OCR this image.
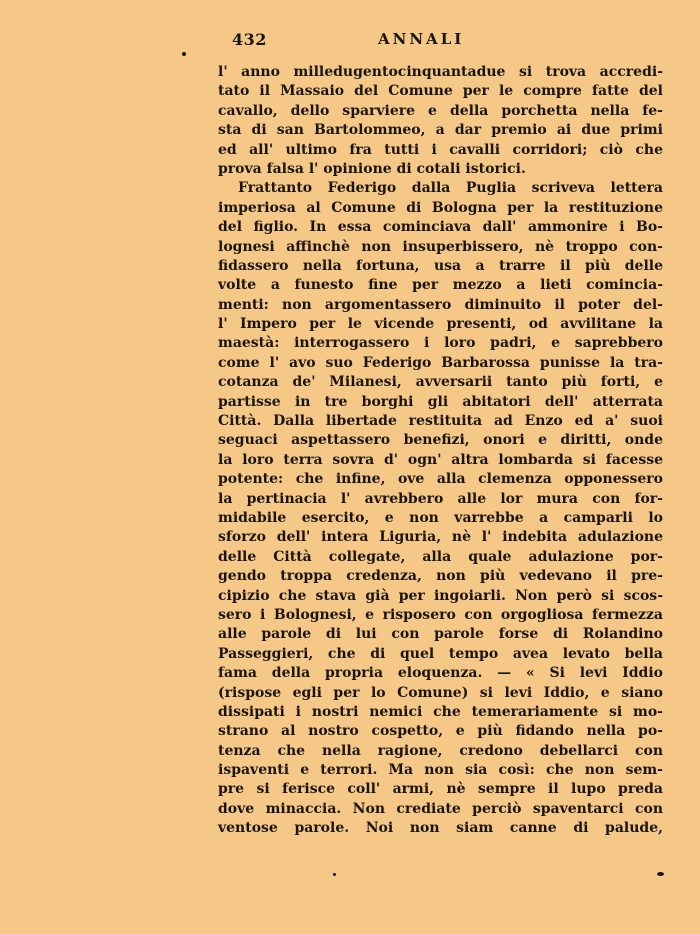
432	ANNALI
l' anno milledugentocinquantadue si trova accredi-
tato il Massaio del Comune per le compre fatte del
cavallo, dello sparviere e della porchetta nella fe-
sta di san Bartolommeo, a dar premio ai due primi
ed all' ultimo fra tutti i cavalli corridori; ciò che
prova falsa l' opinione di cotali istorici.
Frattanto Federigo dalla Puglia scriveva lettera
imperiosa al Comune di Bologna per la restituzione
del figlio. In essa cominciava dall' ammonire i Bo-
lognesi affinchè non insuperbissero, nè troppo con-
fidassero nella fortuna, usa a trarre il più delle
volte a funesto fine per mezzo a lieti comincia-
menti: non argomentassero diminuito il poter del-
l' Impero per le vicende presenti, od avvilitane la
maestà: interrogassero i loro padri, e saprebbero
come l' avo suo Federigo Barbarossa punisse la tra-
cotanza de' Milanesi, avversarii tanto più forti, e
partisse in tre borghi gli abitatori dell' atterrata
Città. Dalla libertade restituita ad Enzo ed a' suoi
seguaci aspettassero benefizi, onori e diritti, onde
la loro terra sovra d' ogn' altra lombarda si facesse
potente: che infine, ove alla clemenza opponessero
la pertinacia l' avrebbero alle lor mura con for-
midabile esercito, e non varrebbe a camparli lo
sforzo dell' intera Liguria, nè l' indebita adulazione
delle Città collegate, alla quale adulazione por-
gendo troppa credenza, non più vedevano il pre-
cipizio che stava già per ingoiarli. Non però si scos-
sero i Bolognesi, e risposero con orgogliosa fermezza
alle parole di lui con parole forse di Rolandino
Passeggieri, che di quel tempo avea levato bella
fama della propria eloquenza. — « Si levi Iddio
(rispose egli per lo Comune) si levi Iddio, e siano
dissipati i nostri nemici che temerariamente si mo-
strano al nostro cospetto, e più fidando nella po-
tenza che nella ragione, credono debellarci con
ispaventi e terrori. Ma non sia così: che non sem-
pre si ferisce coll' armi, nè sempre il lupo preda
dove minaccia. Non crediate perciò spaventarci con
ventose parole. Noi non siam canne di palude,
